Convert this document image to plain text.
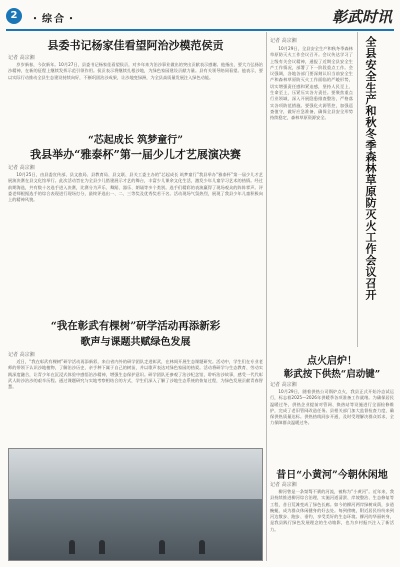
2	・综合・	彰武时讯
县委书记杨家佳看望阿治沙模范侯贡
记者 高宗湘
岁岁新春，今次新年。10月27日，县委书记杨家佳看望侯贡，对多年来为治沙事业做出的突出贡献表示感谢。他指出，要大力弘扬治沙精神，在新的征程上继续发挥示范引领作用。侯贡表示将继续扎根沙地，为绿色家园建设贡献力量。县有关领导陪同看望。他表示，要以实际行动推动全县生态建设持续向好，不断巩固治沙成果，让沙地变绿洲，为全县高质量发展注入绿色动能。
“芯起成长 筑梦童行”
我县举办“雅泰杯”第一届少儿才艺展演决赛
记者 高宗湘
10月25日，由县委宣传部、县文旅局、县教育局、县文联、县关工委主办的“芯起成长 筑梦童行”我县举办“雅泰杯”第一届少儿才艺展演决赛在县文化馆举行。此次活动旨在为全县少儿搭建展示才艺的舞台，丰富少儿课余文化生活，激发少年儿童学习艺术的热情。经过前期海选，共有数十名选手进入决赛，比赛分为声乐、舞蹈、器乐、朗诵等多个类别。选手们精彩的表演赢得了现场观众的阵阵掌声。评委老师根据选手的综合表现进行现场打分，最终评选出一、二、三等奖及优秀奖若干名。活动现场气氛热烈，展现了我县少年儿童积极向上的精神风貌。
“我在彰武有棵树”研学活动再添新彩
歌声与课题共赋绿色发展
记者 高宗湘
近日，“我在彰武有棵树”研学活动再添新彩，来自省内外的研学团队走进彰武，在林间开展生态课题研究。活动中，学生们在专业老师的带领下认识沙地植物，了解治沙历史，亲手种下属于自己的树苗，并以歌声表达对绿色家园的热爱。活动将研学与生态教育、劳动实践深度融合，让青少年在沉浸式体验中感悟治沙精神，增强生态保护意识。研学团队还参观了治沙纪念馆，聆听治沙故事，感受一代代彰武人防沙治沙的艰辛历程。通过课题研究与实地考察相结合的方式，学生们深入了解了沙地生态系统的恢复过程，为绿色发展贡献青春智慧。
记者 高宗湘
10月29日，全县安全生产和秋冬季森林草原防灭火工作会议召开。会议传达学习了上级有关会议精神，通报了近期全县安全生产工作情况，部署了下一阶段重点工作。会议强调，各地各部门要深刻认识当前安全生产和森林草原防灭火工作面临的严峻形势，切实增强责任感和紧迫感，坚持人民至上、生命至上，压紧压实各方责任。要聚焦重点行业领域，深入开展隐患排查整治，严格落实各项防范措施。要强化火源管控，加强巡查值守，做好应急准备，确保全县安全形势持续稳定，森林草原资源安全。	全县安全生产和秋冬季森林草原防灭火工作会议召开
点火启炉！
彰武按下供热“启动键”
记者 高宗湘
10月29日，随着供热公司锅炉点火，我县正式开始冷态试运行，标志着2025—2026年供暖季各项准备工作就绪。为确保居民温暖过冬，供热企业提前对管网、换热站等设施进行全面检修维护，完成了老旧管网改造任务。县相关部门加大监督检查力度，确保供热质量达标。供热热线同步开通，及时受理解决群众诉求，全力保障群众温暖过冬。
昔日“小黄河”今朝休闲地
记者 高宗湘
柳河曾是一条桀骜不驯的河流，被称为“小黄河”。近年来，我县持续推进柳河综合治理，实施河道清淤、岸坡整治、生态修复等工程，昔日荒滩变成了绿色长廊。如今的柳河两岸绿树成荫，步道蜿蜒，成为群众休闲健身的好去处。每到傍晚，附近居民纷纷来到河边散步、跑步、垂钓，享受美好的生态环境。柳河的华丽转身，是我县践行绿色发展理念的生动缩影，也为乡村振兴注入了新活力。
